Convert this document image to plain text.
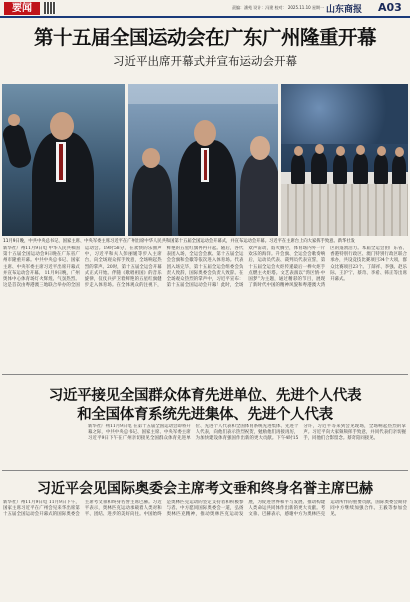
要闻	责编：潘苑 设计：冯建 校对： 2025.11.10 星期一 山东商报 A03
第十五届全国运动会在广东广州隆重开幕
习近平出席开幕式并宣布运动会开幕
11月9日晚，中共中央总书记、国家主席、中央军委主席习近平在广州出席中华人民共和国第十五届全国运动会开幕式，并宣布运动会开幕。习近平在主席台上向大家挥手致意。新华社发
新华社广州11月9日电 中华人民共和国第十五届全国运动会9日晚在广东省广州市隆重开幕。中共中央总书记、国家主席、中央军委主席习近平出席开幕式并宣布运动会开幕。 11月9日晚，广州奥体中心体育场灯火辉煌、气氛热烈。这是首次由粤港澳三地联合举办的全国运动会。19时58分，在欢快的乐曲声中，习近平和夫人彭丽媛等步入主席台，向全场观众挥手致意，全场响起热烈的掌声。20时，第十五届全运会开幕式正式开始。伴随《歌唱祖国》的音乐旋律，仪仗兵护卫着鲜艳的五星红旗健步走入体育场。在全体观众的注视下，鲜艳的五星红旗冉冉升起。随后，各代表团入场，全运会会旗、第十五届全运会会旗和会徽等依次进入体育场。代表团入场完毕，第十五届全运会组委会负责人致辞，国际奥委会负责人致辞。在全场观众热烈的掌声中，习近平宣布：第十五届全国运动会开幕！此时，全场欢声雷动，焰火腾空，体育场内外一片欢乐的海洋。升会旗、全运会会歌奏响后，运动员代表、裁判员代表宣誓，第十五届全运会火炬传递最后一棒火炬手点燃主火炬塔。文艺表演以“湾区情·中国梦”为主题，通过精彩的节目，展现了新时代中国的精神风貌和粤港澳大湾区的蓬勃活力。本届全运会由广东省、香港特别行政区、澳门特别行政区联合承办，共设竞技比赛项目34个大项，群众比赛项目23个。丁薛祥、李强、赵乐际、王沪宁、蔡奇、李希、韩正等出席开幕式。
习近平接见全国群众体育先进单位、先进个人代表
和全国体育系统先进集体、先进个人代表
新华社广州11月9日电 在第十五届全国运动会即将开幕之际，中共中央总书记、国家主席、中央军委主席习近平9日下午在广州亲切接见全国群众体育先进单位、先进个人代表和全国体育系统先进集体、先进个人代表，向他们表示热烈祝贺，勉励他们再接再厉，为加快建设体育强国作出新的更大贡献。下午4时15分许，习近平等来到会见现场，全场响起热烈的掌声。习近平向大家频频挥手致意，并同代表们亲切握手，同他们合影留念。蔡奇陪同接见。
习近平会见国际奥委会主席考文垂和终身名誉主席巴赫
新华社广州11月9日电 11月9日下午，国家主席习近平在广州会见来华出席第十五届全国运动会开幕式的国际奥委会主席考文垂和终身名誉主席巴赫。习近平表示，奥林匹克运动承载着人类对和平、团结、进步的美好向往。中国始终是奥林匹克运动的坚定支持者和积极参与者。中方愿同国际奥委会一道，弘扬奥林匹克精神，推动奥林匹克运动发展，为促进世界和平与发展、推动构建人类命运共同体作出新的更大贡献。考文垂、巴赫表示，感谢中方为奥林匹克运动所作的重要贡献，国际奥委会期待同中方继续加强合作。王毅等参加会见。
